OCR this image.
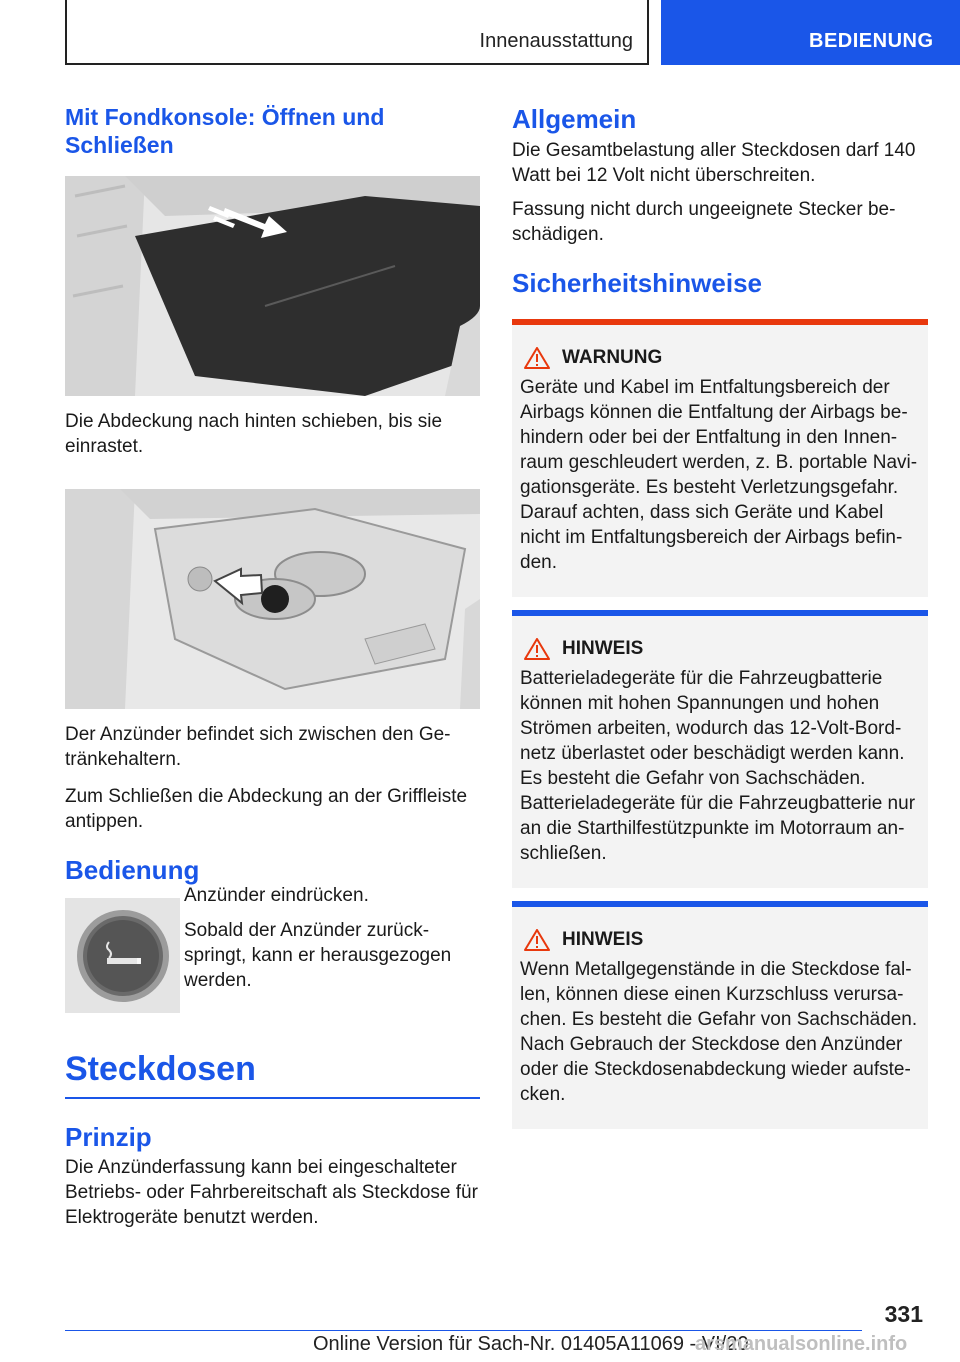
Innenausstattung	BEDIENUNG
Mit Fondkonsole: Öffnen und Schließen

Die Abdeckung nach hinten schieben, bis sie einrastet.

Der Anzünder befindet sich zwischen den Getränkehaltern.

Zum Schließen die Abdeckung an der Griffleiste antippen.

Bedienung

Anzünder eindrücken.

Sobald der Anzünder zurückspringt, kann er herausgezogen werden.

Steckdosen
Prinzip

Die Anzünderfassung kann bei eingeschalteter Betriebs- oder Fahrbereitschaft als Steckdose für Elektrogeräte benutzt werden.

Allgemein

Die Gesamtbelastung aller Steckdosen darf 140 Watt bei 12 Volt nicht überschreiten.

Fassung nicht durch ungeeignete Stecker beschädigen.

Sicherheitshinweise
WARNUNG

Geräte und Kabel im Entfaltungsbereich der Airbags können die Entfaltung der Airbags behindern oder bei der Entfaltung in den Innenraum geschleudert werden, z. B. portable Navigationsgeräte. Es besteht Verletzungsgefahr. Darauf achten, dass sich Geräte und Kabel nicht im Entfaltungsbereich der Airbags befinden.

HINWEIS

Batterieladegeräte für die Fahrzeugbatterie können mit hohen Spannungen und hohen Strömen arbeiten, wodurch das 12-Volt-Bordnetz überlastet oder beschädigt werden kann. Es besteht die Gefahr von Sachschäden. Batterieladegeräte für die Fahrzeugbatterie nur an die Starthilfestützpunkte im Motorraum anschließen.

HINWEIS

Wenn Metallgegenstände in die Steckdose fallen, können diese einen Kurzschluss verursachen. Es besteht die Gefahr von Sachschäden. Nach Gebrauch der Steckdose den Anzünder oder die Steckdosenabdeckung wieder aufstecken.

331
Online Version für Sach-Nr. 01405A11069 - VI/20
arsmanualsonline.info
